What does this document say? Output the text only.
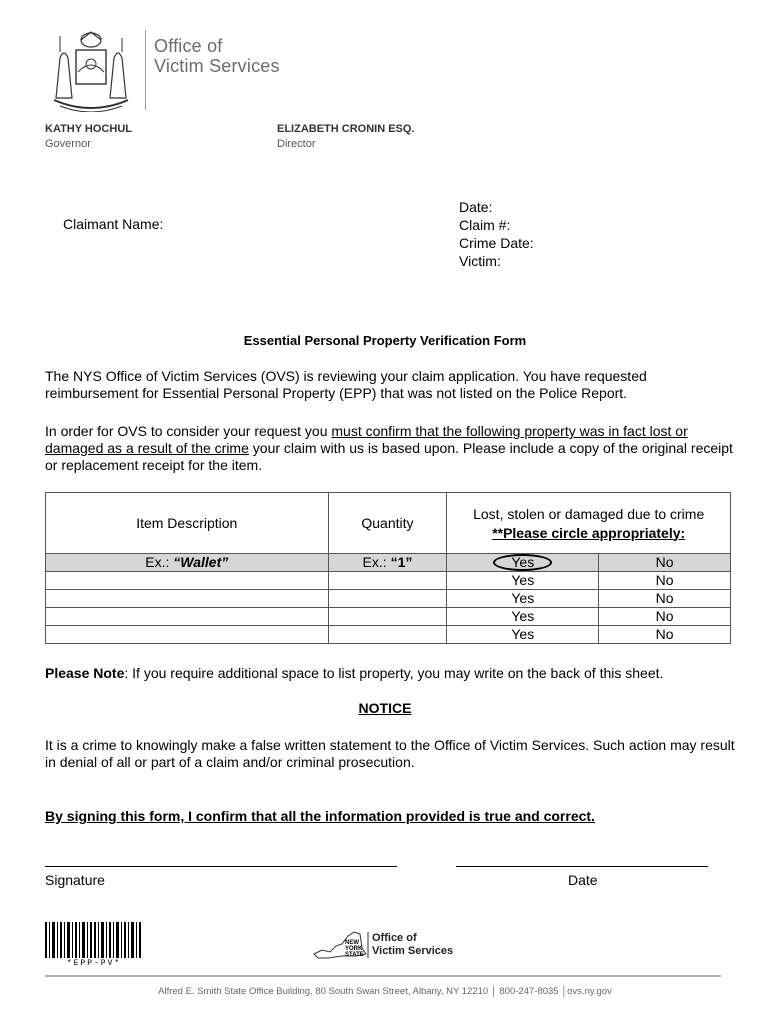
Office of
Victim Services
KATHY HOCHUL
Governor
ELIZABETH CRONIN ESQ.
Director
Claimant Name:
Date:
Claim #:
Crime Date:
Victim:
Essential Personal Property Verification Form
The NYS Office of Victim Services (OVS) is reviewing your claim application. You have requested reimbursement for Essential Personal Property (EPP) that was not listed on the Police Report.
In order for OVS to consider your request you must confirm that the following property was in fact lost or damaged as a result of the crime your claim with us is based upon. Please include a copy of the original receipt or replacement receipt for the item.
Item Description	Quantity	Lost, stolen or damaged due to crime
**Please circle appropriately:	

Ex.: “Wallet”	Ex.: “1”	Yes	No
		Yes	No
		Yes	No
		Yes	No
		Yes	No
Please Note: If you require additional space to list property, you may write on the back of this sheet.
NOTICE
It is a crime to knowingly make a false written statement to the Office of Victim Services. Such action may result in denial of all or part of a claim and/or criminal prosecution.
By signing this form, I confirm that all the information provided is true and correct.
Signature	Date
*EPP-PV*
NEW
YORK
STATE
Office of
Victim Services
Alfred E. Smith State Office Building, 80 South Swan Street, Albany, NY 12210 │ 800-247-8035 │ovs.ny.gov
